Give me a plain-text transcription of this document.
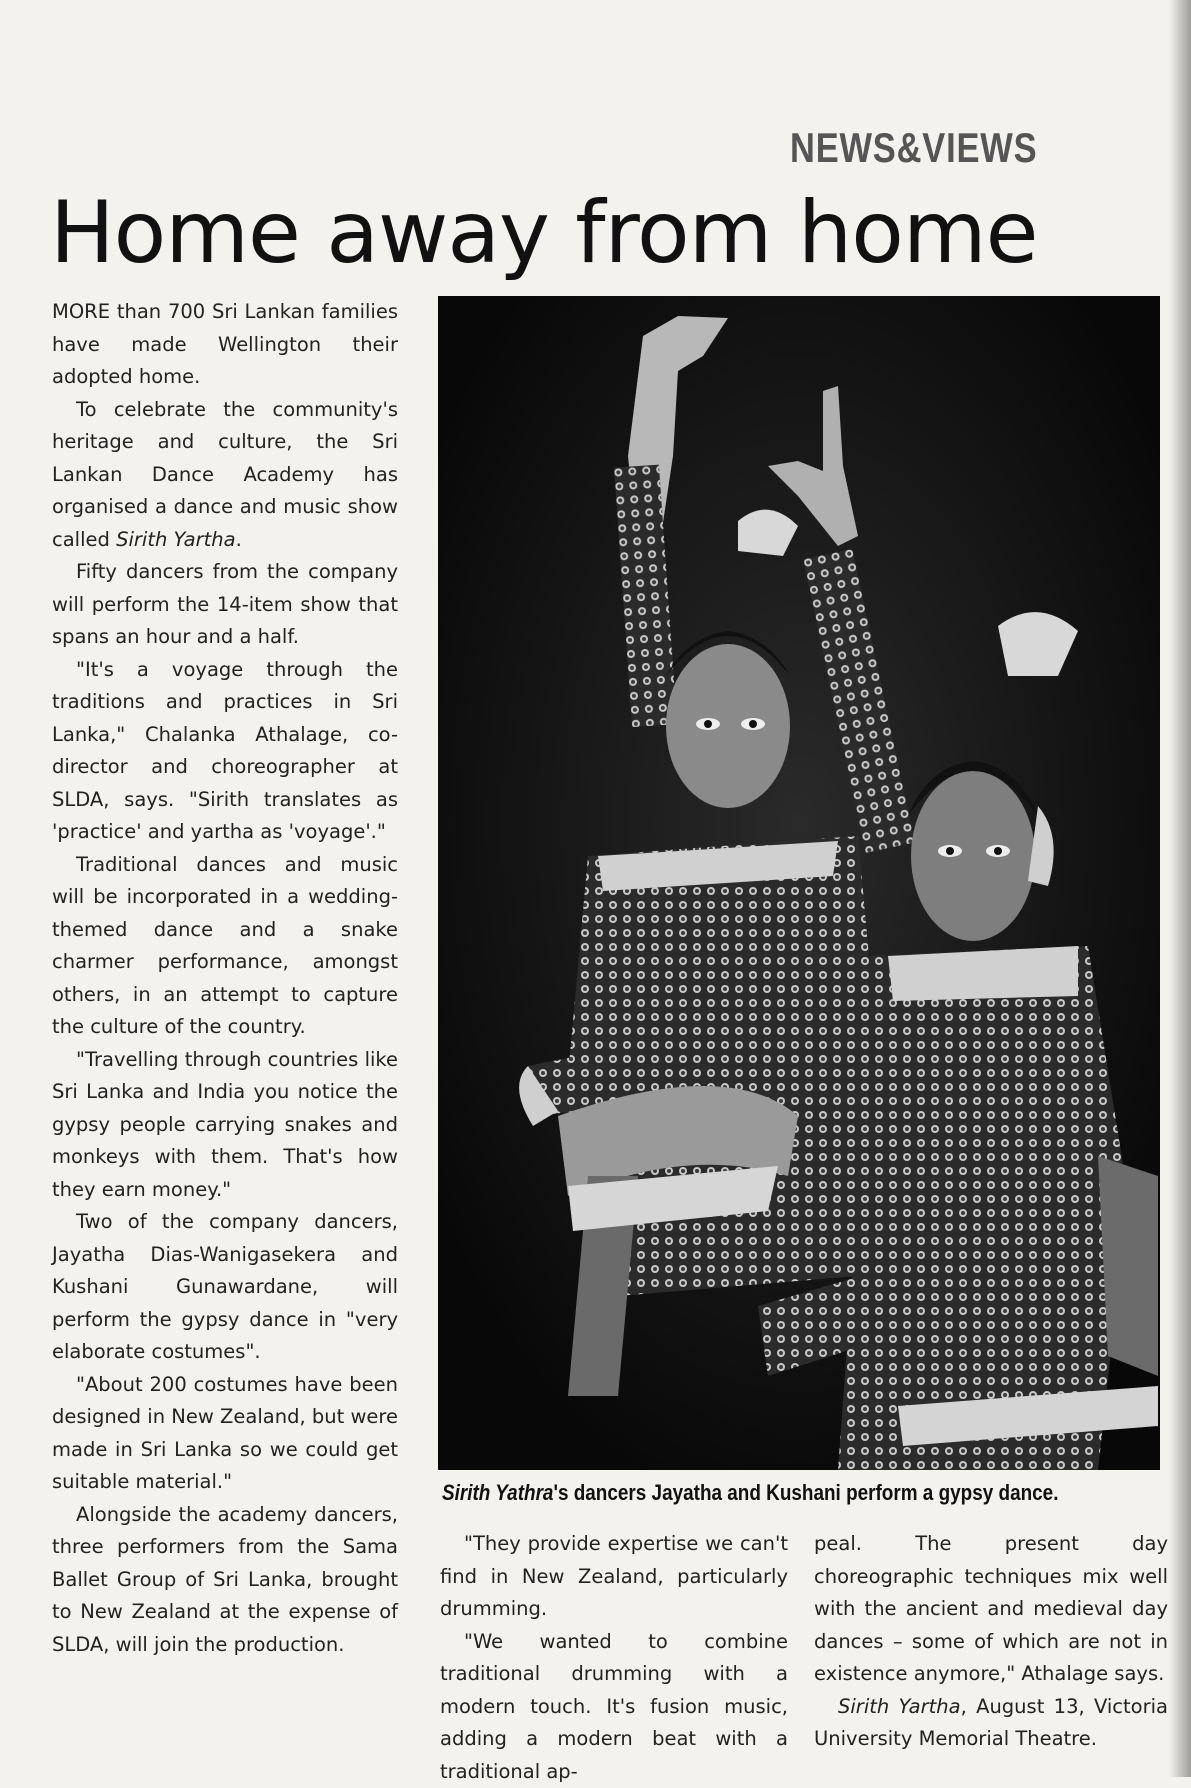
NEWS&VIEWS
Home away from home

MORE than 700 Sri Lankan families have made Wellington their adopted home.

To celebrate the community's heritage and culture, the Sri Lankan Dance Academy has organised a dance and music show called Sirith Yartha.

Fifty dancers from the company will perform the 14-item show that spans an hour and a half.

"It's a voyage through the traditions and practices in Sri Lanka," Chalanka Athalage, co-director and choreographer at SLDA, says. "Sirith translates as 'practice' and yartha as 'voyage'."

Traditional dances and music will be incorporated in a wedding-themed dance and a snake charmer performance, amongst others, in an attempt to capture the culture of the country.

"Travelling through countries like Sri Lanka and India you notice the gypsy people carrying snakes and monkeys with them. That's how they earn money."

Two of the company dancers, Jayatha Dias-Wanigasekera and Kushani Gunawardane, will perform the gypsy dance in "very elaborate costumes".

"About 200 costumes have been designed in New Zealand, but were made in Sri Lanka so we could get suitable material."

Alongside the academy dancers, three performers from the Sama Ballet Group of Sri Lanka, brought to New Zealand at the expense of SLDA, will join the production.

Sirith Yathra's dancers Jayatha and Kushani perform a gypsy dance.

"They provide expertise we can't find in New Zealand, particularly drumming.

"We wanted to combine traditional drumming with a modern touch. It's fusion music, adding a modern beat with a traditional ap-

peal. The present day choreographic techniques mix well with the ancient and medieval day dances – some of which are not in existence anymore," Athalage says.

Sirith Yartha, August 13, Victoria University Memorial Theatre.
